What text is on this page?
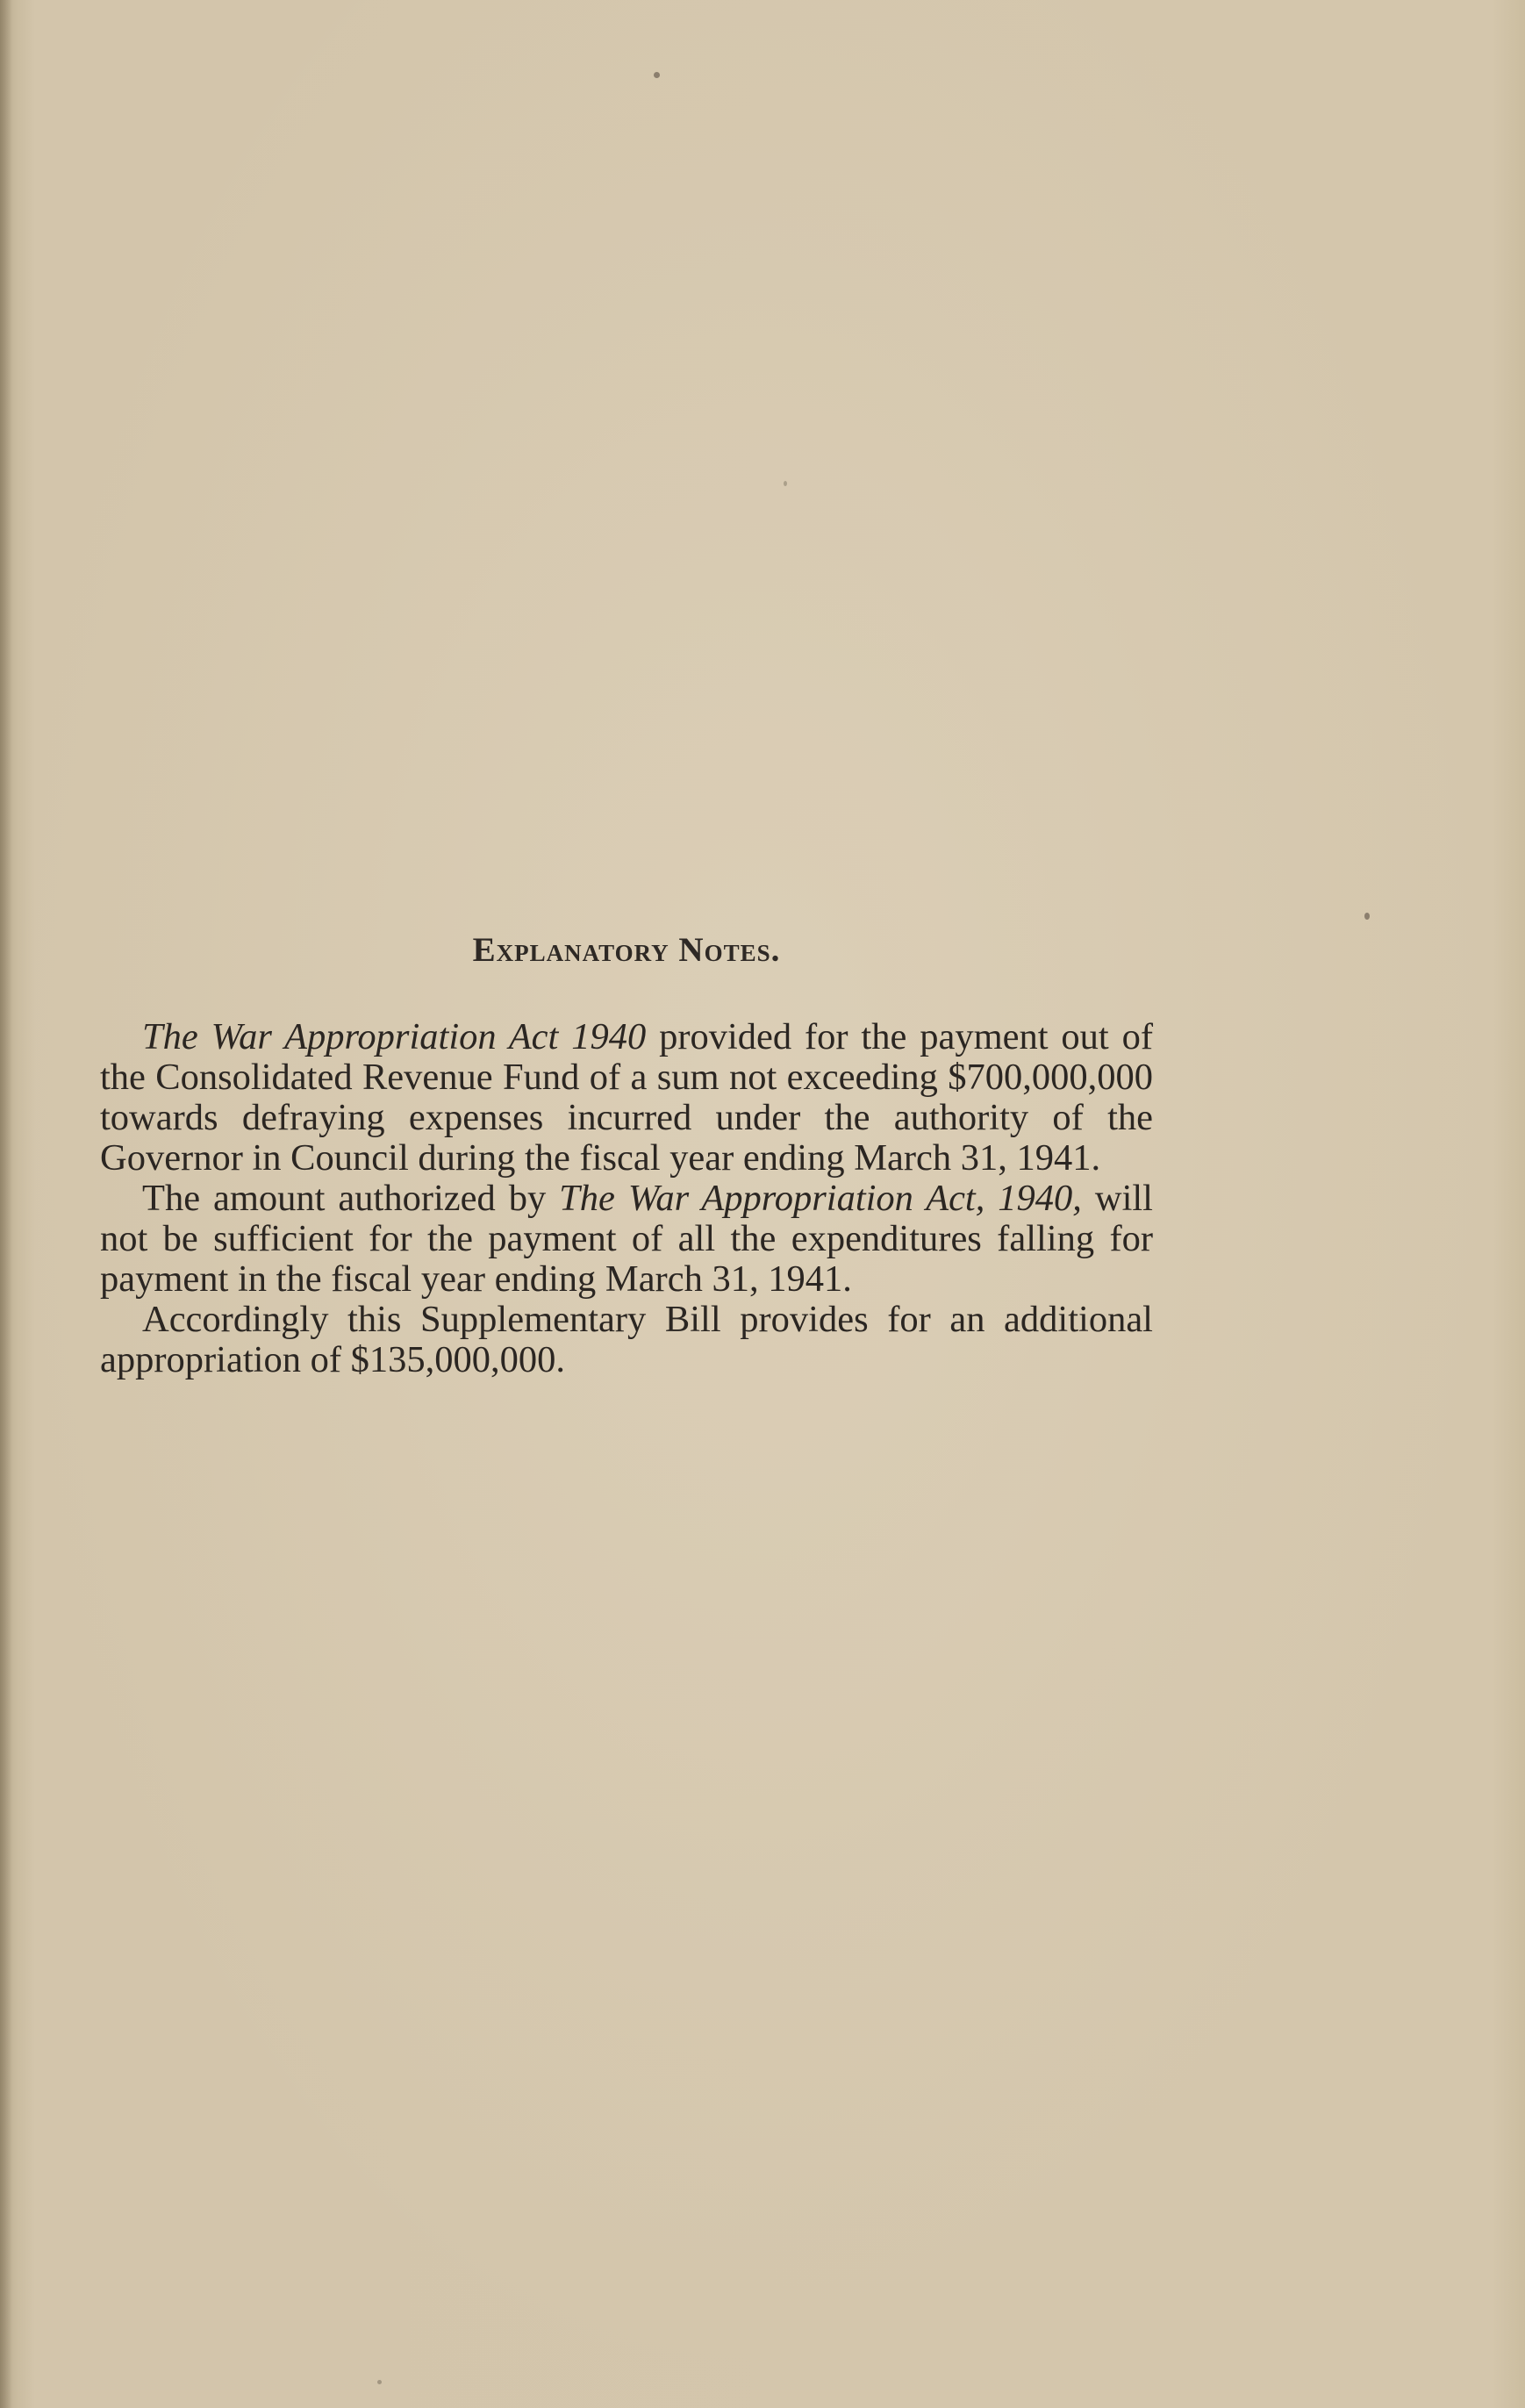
Explanatory Notes.

The War Appropriation Act 1940 provided for the payment out of the Consolidated Revenue Fund of a sum not exceeding $700,000,000 towards defraying expenses incurred under the authority of the Governor in Council during the fiscal year ending March 31, 1941.

The amount authorized by The War Appropriation Act, 1940, will not be sufficient for the payment of all the expenditures falling for payment in the fiscal year ending March 31, 1941.

Accordingly this Supplementary Bill provides for an additional appropriation of $135,000,000.
